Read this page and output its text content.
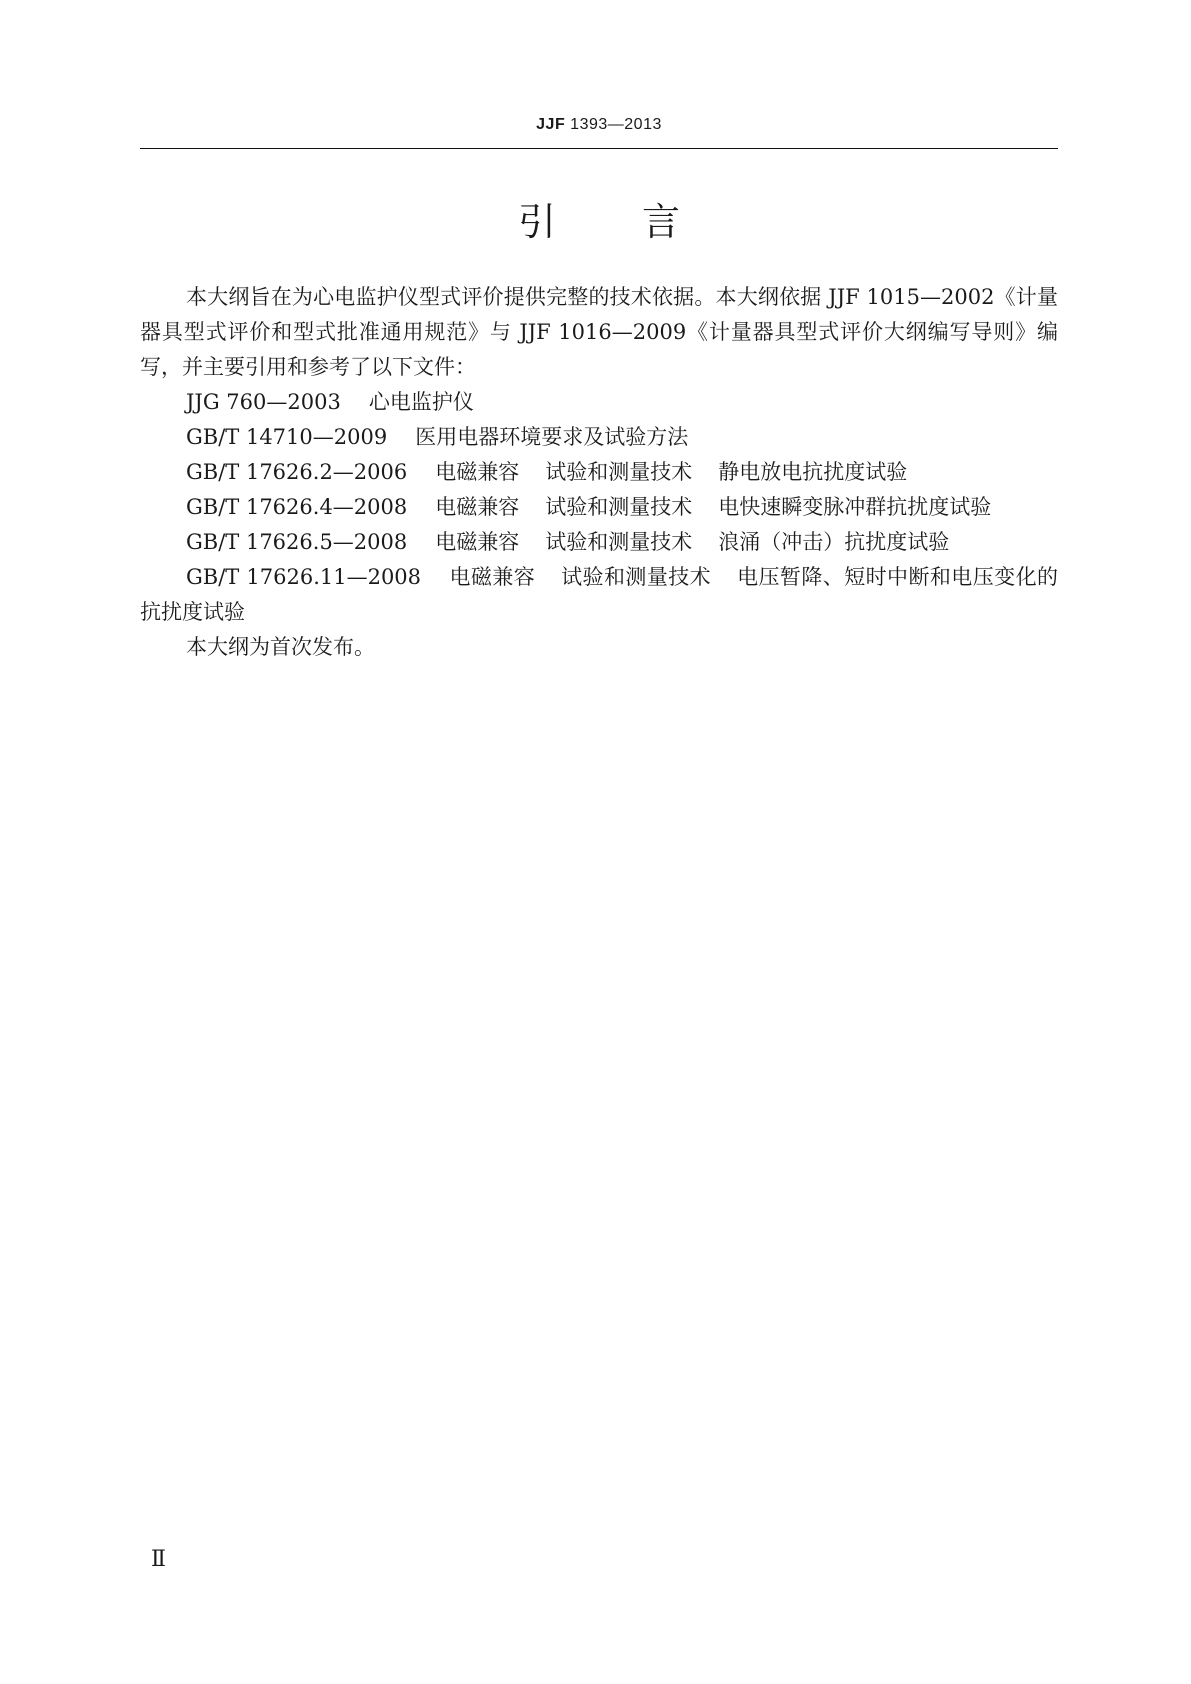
JJF 1393—2013
引 言

本大纲旨在为心电监护仪型式评价提供完整的技术依据。本大纲依据 JJF 1015—2002《计量器具型式评价和型式批准通用规范》与 JJF 1016—2009《计量器具型式评价大纲编写导则》编写，并主要引用和参考了以下文件：

JJG 760—2003 心电监护仪

GB/T 14710—2009 医用电器环境要求及试验方法

GB/T 17626.2—2006 电磁兼容 试验和测量技术 静电放电抗扰度试验

GB/T 17626.4—2008 电磁兼容 试验和测量技术 电快速瞬变脉冲群抗扰度试验

GB/T 17626.5—2008 电磁兼容 试验和测量技术 浪涌（冲击）抗扰度试验

GB/T 17626.11—2008 电磁兼容 试验和测量技术 电压暂降、短时中断和电压变化的抗扰度试验

本大纲为首次发布。

Ⅱ
